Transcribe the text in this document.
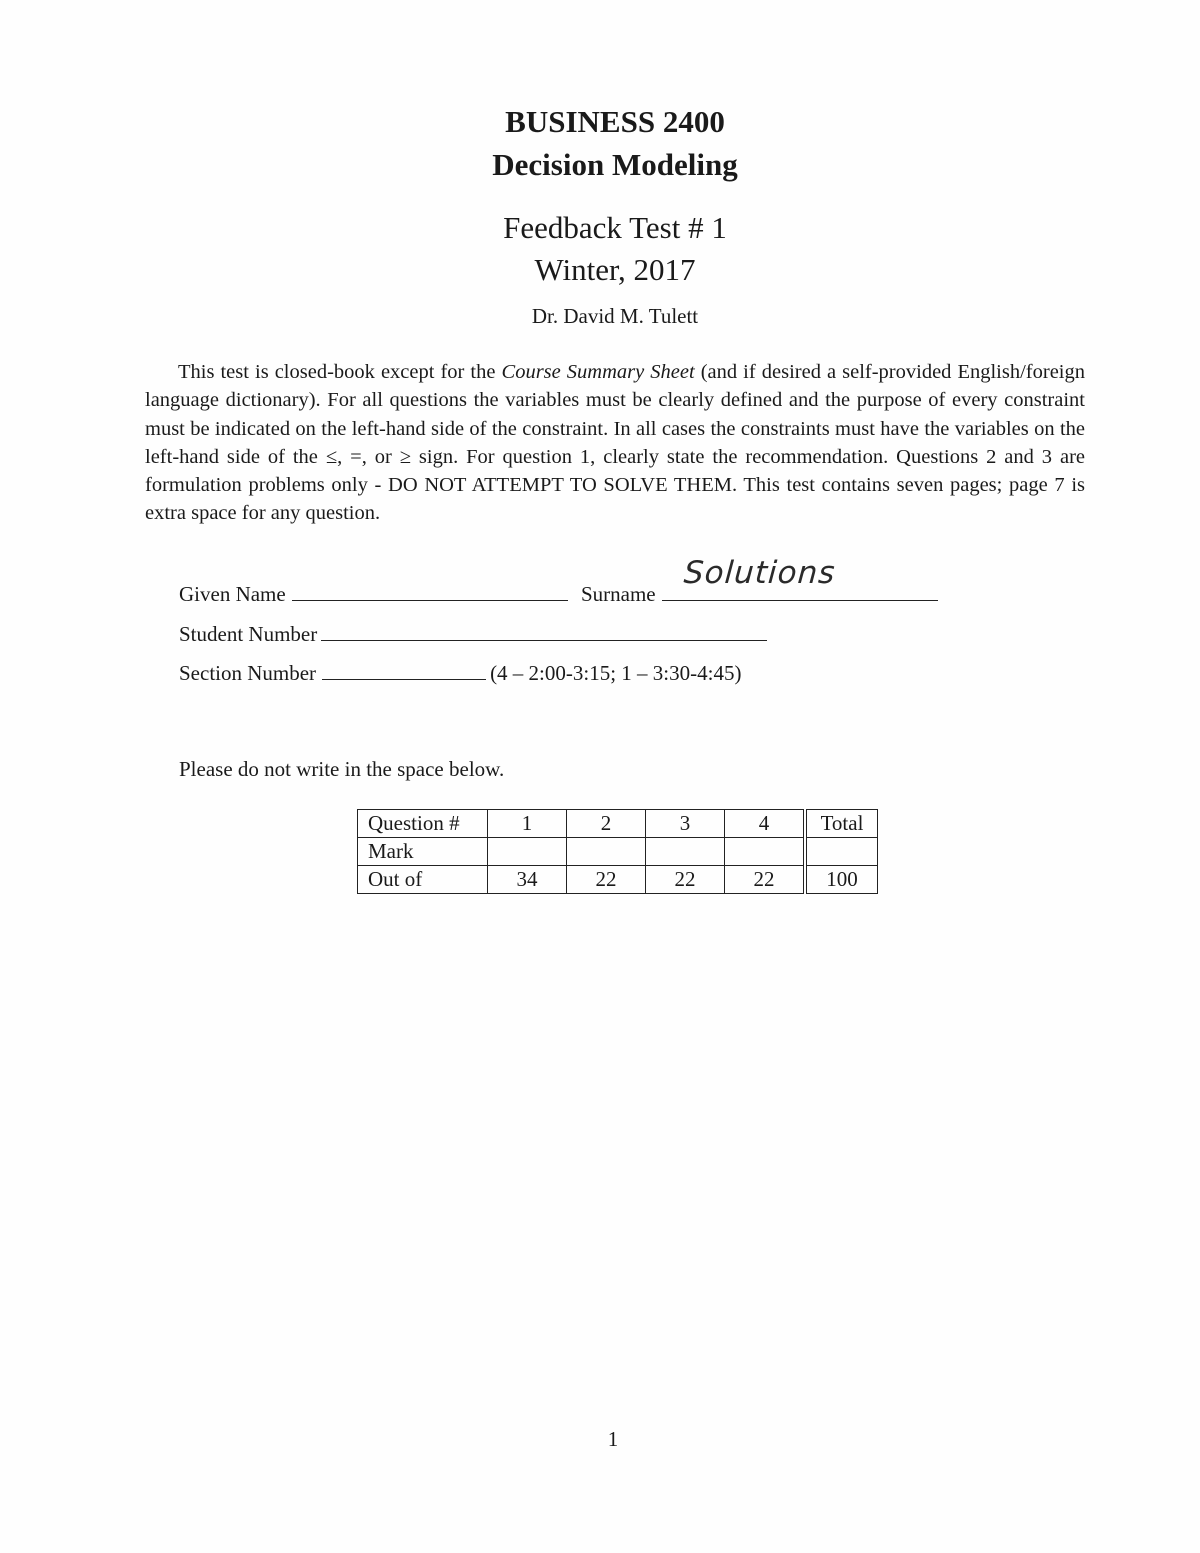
BUSINESS 2400
Decision Modeling
Feedback Test # 1
Winter, 2017
Dr. David M. Tulett
This test is closed-book except for the Course Summary Sheet (and if desired a self-provided English/foreign language dictionary). For all questions the variables must be clearly defined and the purpose of every constraint must be indicated on the left-hand side of the constraint. In all cases the constraints must have the variables on the left-hand side of the ≤, =, or ≥ sign. For question 1, clearly state the recommendation. Questions 2 and 3 are formulation problems only - DO NOT ATTEMPT TO SOLVE THEM. This test contains seven pages; page 7 is extra space for any question.
Given Name	Surname
Solutions
Student Number
Section Number	(4 – 2:00-3:15; 1 – 3:30-4:45)
Please do not write in the space below.
Question #	1	2	3	4	Total
Mark					
Out of	34	22	22	22	100
1
